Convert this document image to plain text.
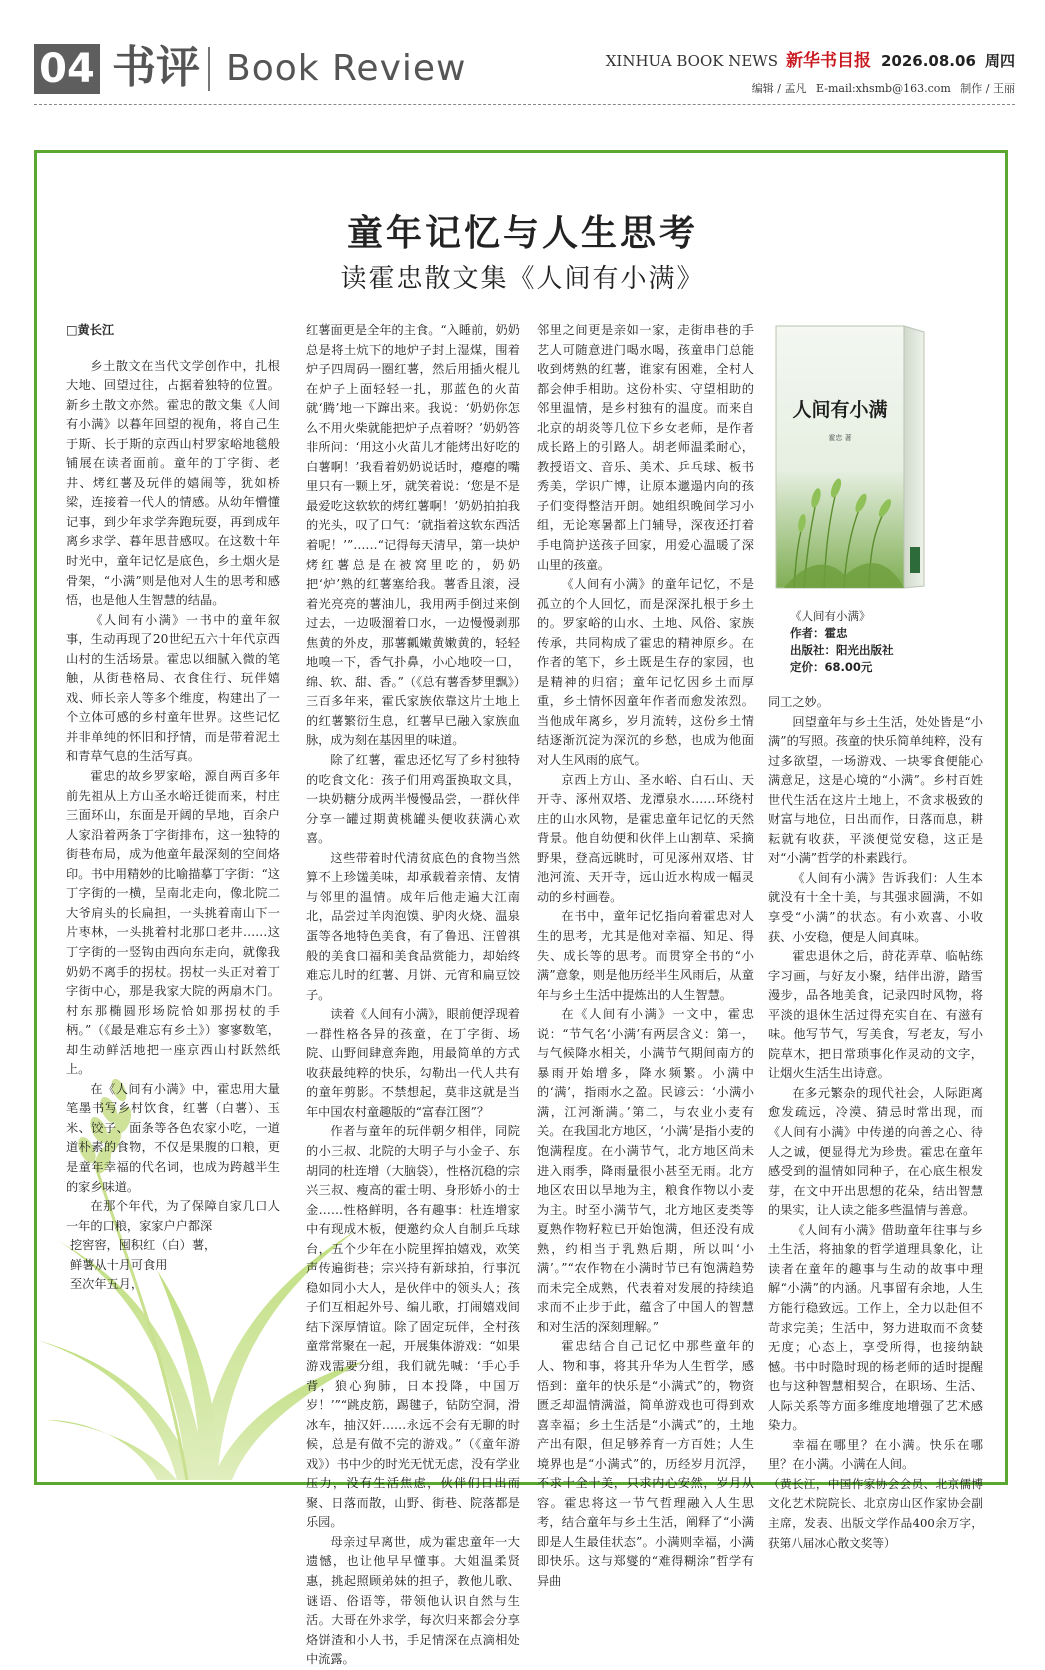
04 书评 Book Review	XINHUA BOOK NEWS 新华书目报 2026.08.06 周四
编辑 / 孟凡 E-mail:xhsmb@163.com 制作 / 王丽
童年记忆与人生思考
读霍忠散文集《人间有小满》

□黄长江

乡土散文在当代文学创作中，扎根大地、回望过往，占据着独特的位置。新乡土散文亦然。霍忠的散文集《人间有小满》以暮年回望的视角，将自己生于斯、长于斯的京西山村罗家峪地毯般铺展在读者面前。童年的丁字街、老井、烤红薯及玩伴的嬉闹等，犹如桥梁，连接着一代人的情感。从幼年懵懂记事，到少年求学奔跑玩耍，再到成年离乡求学、暮年思昔感叹。在这数十年时光中，童年记忆是底色，乡土烟火是骨架，“小满”则是他对人生的思考和感悟，也是他人生智慧的结晶。

《人间有小满》一书中的童年叙事，生动再现了20世纪五六十年代京西山村的生活场景。霍忠以细腻入微的笔触，从街巷格局、衣食住行、玩伴嬉戏、师长亲人等多个维度，构建出了一个立体可感的乡村童年世界。这些记忆并非单纯的怀旧和抒情，而是带着泥土和青草气息的生活写真。

霍忠的故乡罗家峪，源自两百多年前先祖从上方山圣水峪迁徙而来，村庄三面环山，东面是开阔的旱地，百余户人家沿着两条丁字街排布，这一独特的街巷布局，成为他童年最深刻的空间烙印。书中用精妙的比喻描摹丁字街：“这丁字街的一横，呈南北走向，像北院二大爷肩头的长扁担，一头挑着南山下一片枣林，一头挑着村北那口老井……这丁字街的一竖钩由西向东走向，就像我奶奶不离手的拐杖。拐杖一头正对着丁字街中心，那是我家大院的两扇木门。村东那椭圆形场院恰如那拐杖的手柄。”（《最是难忘有乡土》）寥寥数笔，却生动鲜活地把一座京西山村跃然纸上。

在《人间有小满》中，霍忠用大量笔墨书写乡村饮食，红薯（白薯）、玉米、饺子、面条等各色农家小吃，一道道朴素的食物，不仅是果腹的口粮，更是童年幸福的代名词，也成为跨越半生的家乡味道。

在那个年代，为了保障自家几口人一年的口粮，家家户户都深

挖窖窖，囤积红（白）薯，

鲜薯从十月可食用

至次年五月，

红薯面更是全年的主食。“入睡前，奶奶总是将土炕下的地炉子封上湿煤，围着炉子四周码一圈红薯，然后用插火棍儿在炉子上面轻轻一扎，那蓝色的火苗就‘腾’地一下蹿出来。我说：‘奶奶你怎么不用火柴就能把炉子点着呀？’奶奶答非所问：‘用这小火苗儿才能烤出好吃的白薯啊！’我看着奶奶说话时，瘪瘪的嘴里只有一颗上牙，就笑着说：‘您是不是最爱吃这软软的烤红薯啊！’奶奶拍拍我的光头，叹了口气：‘就指着这软东西活着呢！’”……“记得每天清早，第一块炉烤红薯总是在被窝里吃的，奶奶把‘炉’熟的红薯塞给我。薯香且滚，浸着光亮亮的薯油儿，我用两手倒过来倒过去，一边吸溜着口水，一边慢慢剥那焦黄的外皮，那薯瓤嫩黄嫩黄的，轻轻地嗅一下，香气扑鼻，小心地咬一口，绵、软、甜、香。”（《总有薯香梦里飘》）三百多年来，霍氏家族依靠这片土地上的红薯繁衍生息，红薯早已融入家族血脉，成为刻在基因里的味道。

除了红薯，霍忠还忆写了乡村独特的吃食文化：孩子们用鸡蛋换取文具，一块奶糖分成两半慢慢品尝，一群伙伴分享一罐过期黄桃罐头便收获满心欢喜。

这些带着时代清贫底色的食物当然算不上珍馐美味，却承载着亲情、友情与邻里的温情。成年后他走遍大江南北，品尝过羊肉泡馍、驴肉火烧、温泉蛋等各地特色美食，有了鲁迅、汪曾祺般的美食口福和美食品赏能力，却始终难忘儿时的红薯、月饼、元宵和扁豆饺子。

读着《人间有小满》，眼前便浮现着一群性格各异的孩童，在丁字街、场院、山野间肆意奔跑，用最简单的方式收获最纯粹的快乐，勾勒出一代人共有的童年剪影。不禁想起，莫非这就是当年中国农村童趣版的“富春江图”？

作者与童年的玩伴朝夕相伴，同院的小三叔、北院的大明子与小金子、东胡同的杜连增（大脑袋），性格沉稳的宗兴三叔、瘦高的霍士明、身形娇小的士金……性格鲜明，各有趣事：杜连增家中有现成木板，便邀约众人自制乒乓球台，五个少年在小院里挥拍嬉戏，欢笑声传遍街巷；宗兴持有新球拍，行事沉稳如同小大人，是伙伴中的领头人；孩子们互相起外号、编儿歌，打闹嬉戏间结下深厚情谊。除了固定玩伴，全村孩童常常聚在一起，开展集体游戏：“如果游戏需要分组，我们就先喊：‘手心手背，狼心狗肺，日本投降，中国万岁！’”“跳皮筋，踢毽子，钻防空洞，滑冰车，抽汉奸……永远不会有无聊的时候，总是有做不完的游戏。”（《童年游戏》）书中少的时光无忧无虑，没有学业压力，没有生活焦虑，伙伴们日出而聚、日落而散，山野、街巷、院落都是乐园。

母亲过早离世，成为霍忠童年一大遗憾，也让他早早懂事。大姐温柔贤惠，挑起照顾弟妹的担子，教他儿歌、谜语、俗语等，带领他认识自然与生活。大哥在外求学，每次归来都会分享烙饼渣和小人书，手足情深在点滴相处中流露。

邻里之间更是亲如一家，走街串巷的手艺人可随意进门喝水喝，孩童串门总能收到烤熟的红薯，谁家有困难，全村人都会伸手相助。这份朴实、守望相助的邻里温情，是乡村独有的温度。而来自北京的胡炎等几位下乡女老师，是作者成长路上的引路人。胡老师温柔耐心，教授语文、音乐、美术、乒乓球、板书秀美，学识广博，让原本邋遢内向的孩子们变得整洁开朗。她组织晚间学习小组，无论寒暑都上门辅导，深夜还打着手电筒护送孩子回家，用爱心温暖了深山里的孩童。

《人间有小满》的童年记忆，不是孤立的个人回忆，而是深深扎根于乡土的。罗家峪的山水、土地、风俗、家族传承，共同构成了霍忠的精神原乡。在作者的笔下，乡土既是生存的家园，也是精神的归宿；童年记忆因乡土而厚重，乡土情怀因童年作者而愈发浓烈。当他成年离乡，岁月流转，这份乡土情结逐渐沉淀为深沉的乡愁，也成为他面对人生风雨的底气。

京西上方山、圣水峪、白石山、天开寺、涿州双塔、龙潭泉水……环绕村庄的山水风物，是霍忠童年记忆的天然背景。他自幼便和伙伴上山割草、采摘野果，登高远眺时，可见涿州双塔、甘池河流、天开寺，远山近水构成一幅灵动的乡村画卷。

在书中，童年记忆指向着霍忠对人生的思考，尤其是他对幸福、知足、得失、成长等的思考。而贯穿全书的“小满”意象，则是他历经半生风雨后，从童年与乡土生活中提炼出的人生智慧。

在《人间有小满》一文中，霍忠说：“节气名‘小满’有两层含义：第一，与气候降水相关，小满节气期间南方的暴雨开始增多，降水频繁。小满中的‘满’，指雨水之盈。民谚云：‘小满小满，江河渐满。’第二，与农业小麦有关。在我国北方地区，‘小满’是指小麦的饱满程度。在小满节气，北方地区尚未进入雨季，降雨量很小甚至无雨。北方地区农田以旱地为主，粮食作物以小麦为主。时至小满节气，北方地区麦类等夏熟作物籽粒已开始饱满，但还没有成熟，约相当于乳熟后期，所以叫‘小满’。”“农作物在小满时节已有饱满趋势而未完全成熟，代表着对发展的持续追求而不止步于此，蕴含了中国人的智慧和对生活的深刻理解。”

霍忠结合自己记忆中那些童年的人、物和事，将其升华为人生哲学，感悟到：童年的快乐是“小满式”的，物资匮乏却温情满溢，简单游戏也可得到欢喜幸福；乡土生活是“小满式”的，土地产出有限，但足够养育一方百姓；人生境界也是“小满式”的，历经岁月沉浮，不求十全十美，只求内心安然，岁月从容。霍忠将这一节气哲理融入人生思考，结合童年与乡土生活，阐释了“小满即是人生最佳状态”。小满则幸福，小满即快乐。这与郑燮的“难得糊涂”哲学有异曲

人间有小满
霍忠 著
《人间有小满》
作者：霍忠
出版社：阳光出版社
定价：68.00元

同工之妙。

回望童年与乡土生活，处处皆是“小满”的写照。孩童的快乐简单纯粹，没有过多欲望，一场游戏、一块零食便能心满意足，这是心境的“小满”。乡村百姓世代生活在这片土地上，不贪求极致的财富与地位，日出而作，日落而息，耕耘就有收获，平淡便觉安稳，这正是对“小满”哲学的朴素践行。

《人间有小满》告诉我们：人生本就没有十全十美，与其强求圆满，不如享受“小满”的状态。有小欢喜、小收获、小安稳，便是人间真味。

霍忠退休之后，莳花弄草、临帖练字习画，与好友小聚，结伴出游，踏雪漫步，品各地美食，记录四时风物，将平淡的退休生活过得充实自在、有滋有味。他写节气，写美食，写老友，写小院草木，把日常琐事化作灵动的文字，让烟火生活生出诗意。

在多元繁杂的现代社会，人际距离愈发疏远，冷漠、猜忌时常出现，而《人间有小满》中传递的向善之心、待人之诚，便显得尤为珍贵。霍忠在童年感受到的温情如同种子，在心底生根发芽，在文中开出思想的花朵，结出智慧的果实，让人读之能多些温情与善意。

《人间有小满》借助童年往事与乡土生活，将抽象的哲学道理具象化，让读者在童年的趣事与生动的故事中理解“小满”的内涵。凡事留有余地，人生方能行稳致远。工作上，全力以赴但不苛求完美；生活中，努力进取而不贪婪无度；心态上，享受所得，也接纳缺憾。书中时隐时现的杨老师的适时提醒也与这种智慧相契合，在职场、生活、人际关系等方面多维度地增强了艺术感染力。

幸福在哪里？在小满。快乐在哪里？在小满。小满在人间。

（黄长江，中国作家协会会员、北京儒博文化艺术院院长、北京房山区作家协会副主席，发表、出版文学作品400余万字，获第八届冰心散文奖等）
